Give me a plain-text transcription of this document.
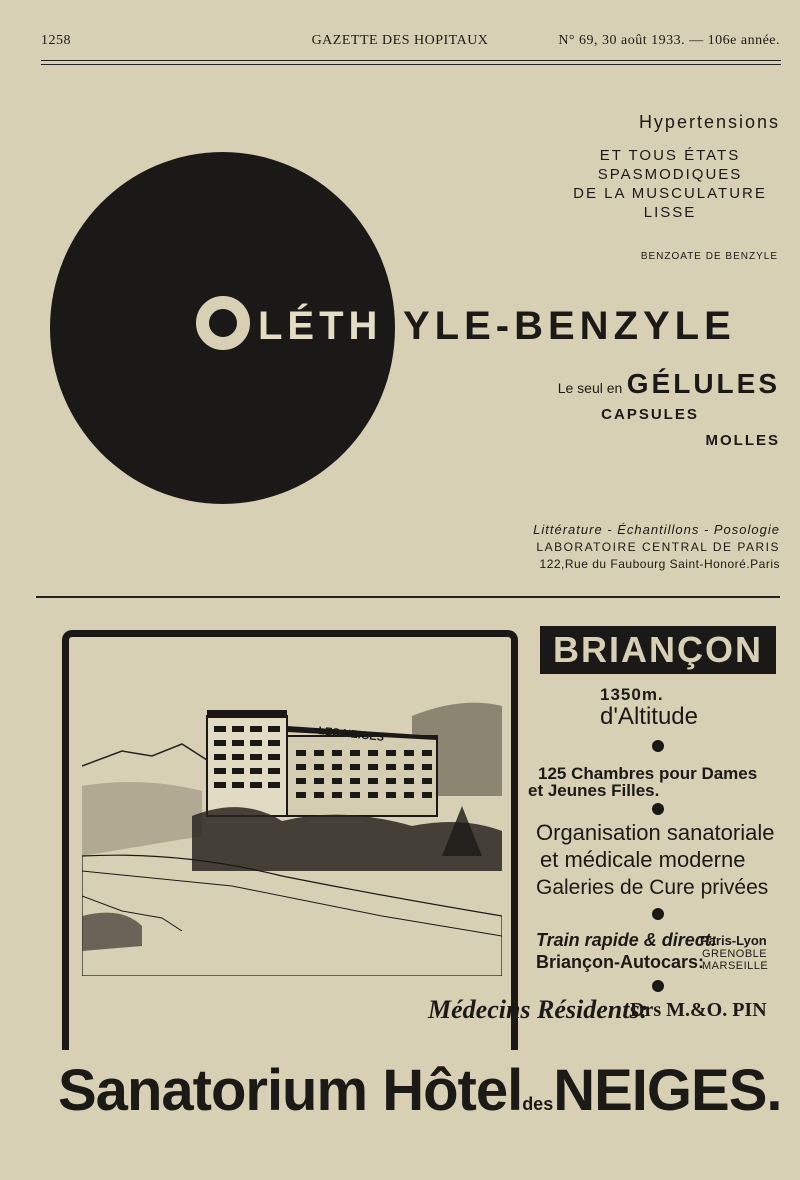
1258	GAZETTE DES HOPITAUX	N° 69, 30 août 1933. — 106e année.
LÉTH YLE-BENZYLE
Hypertensions
ET TOUS ÉTATS
SPASMODIQUES
DE LA MUSCULATURE
LISSE
BENZOATE DE BENZYLE
Le seul en GÉLULES
CAPSULES
MOLLES
Littérature - Échantillons - Posologie
LABORATOIRE CENTRAL DE PARIS
122,Rue du Faubourg Saint-Honoré.Paris
LES NEIGES
BRIANÇON
1350m.
d'Altitude
125 Chambres pour Dames
et Jeunes Filles.
Organisation sanatoriale
et médicale moderne
Galeries de Cure privées
Train rapide & direct:
Paris-Lyon
Briançon-Autocars:
GRENOBLE
MARSEILLE
Médecins Résidents:
Drs M.&O. PIN
Sanatorium HôteldesNEIGES.
